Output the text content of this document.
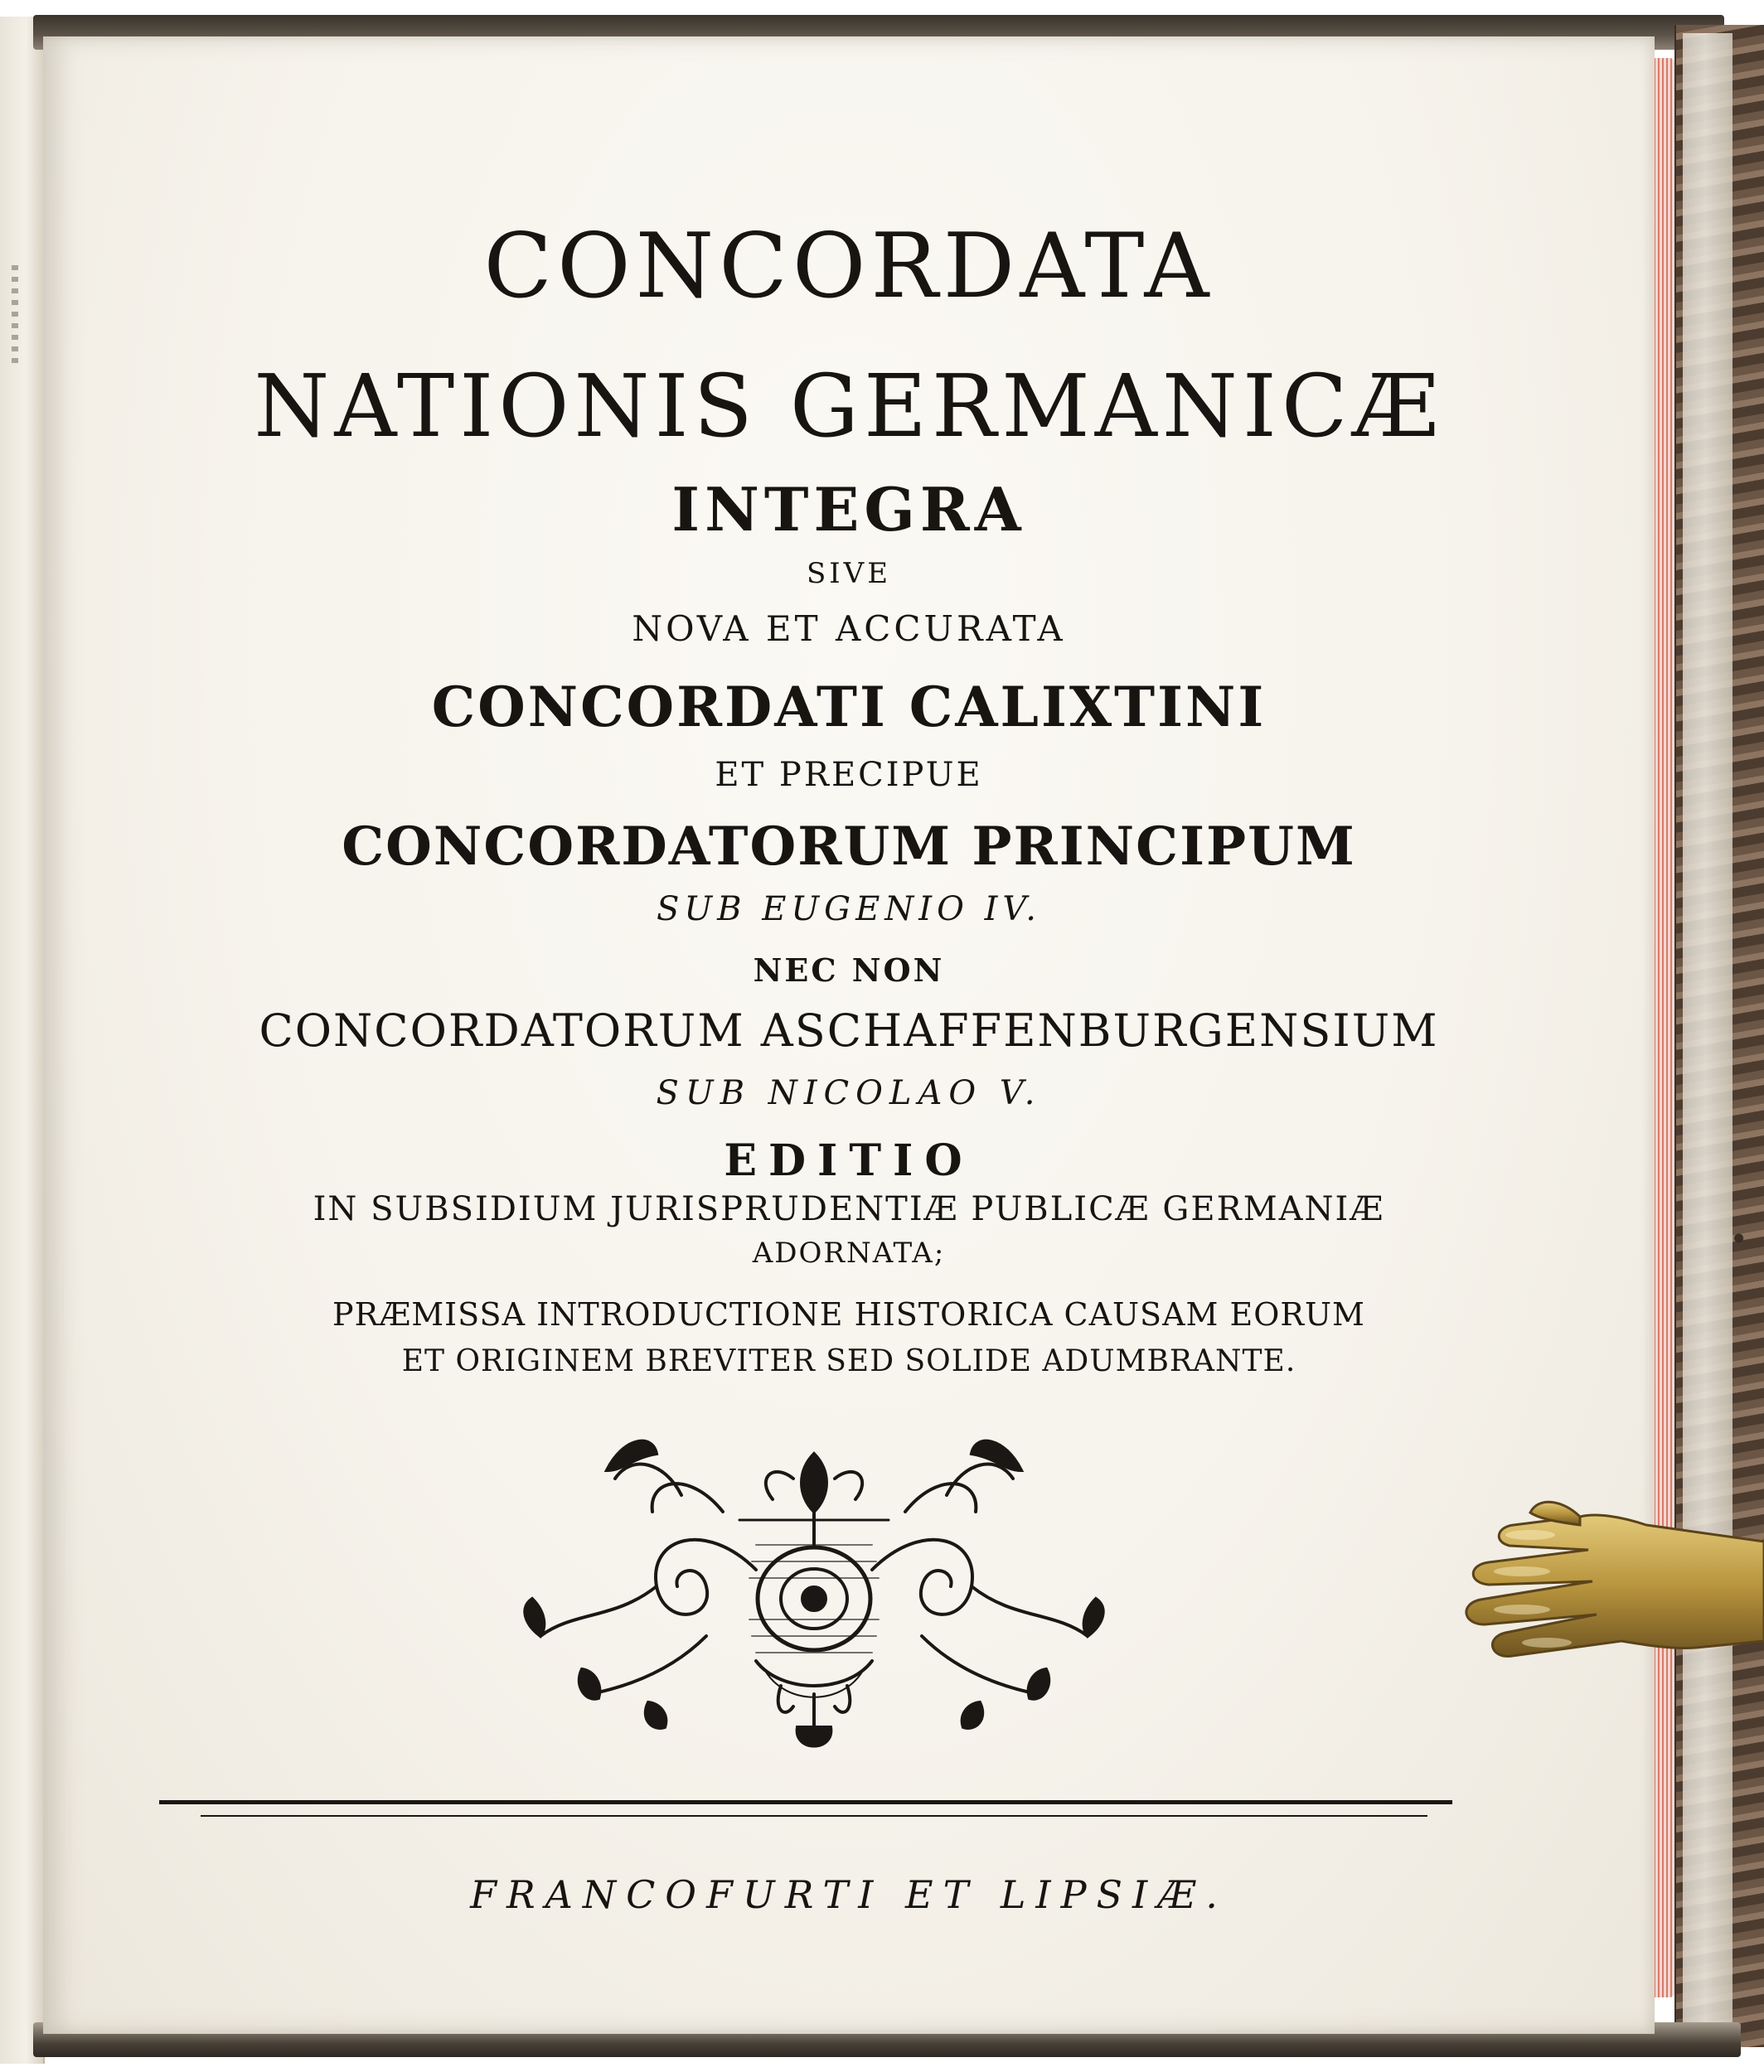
CONCORDATA
NATIONIS GERMANICÆ
INTEGRA
SIVE
NOVA ET ACCURATA
CONCORDATI CALIXTINI
ET PRECIPUE
CONCORDATORUM PRINCIPUM
SUB EUGENIO IV.
NEC NON
CONCORDATORUM ASCHAFFENBURGENSIUM
SUB NICOLAO V.
EDITIO
IN SUBSIDIUM JURISPRUDENTIÆ PUBLICÆ GERMANIÆ
ADORNATA;
PRÆMISSA INTRODUCTIONE HISTORICA CAUSAM EORUM
ET ORIGINEM BREVITER SED SOLIDE ADUMBRANTE.
FRANCOFURTI ET LIPSIÆ.
